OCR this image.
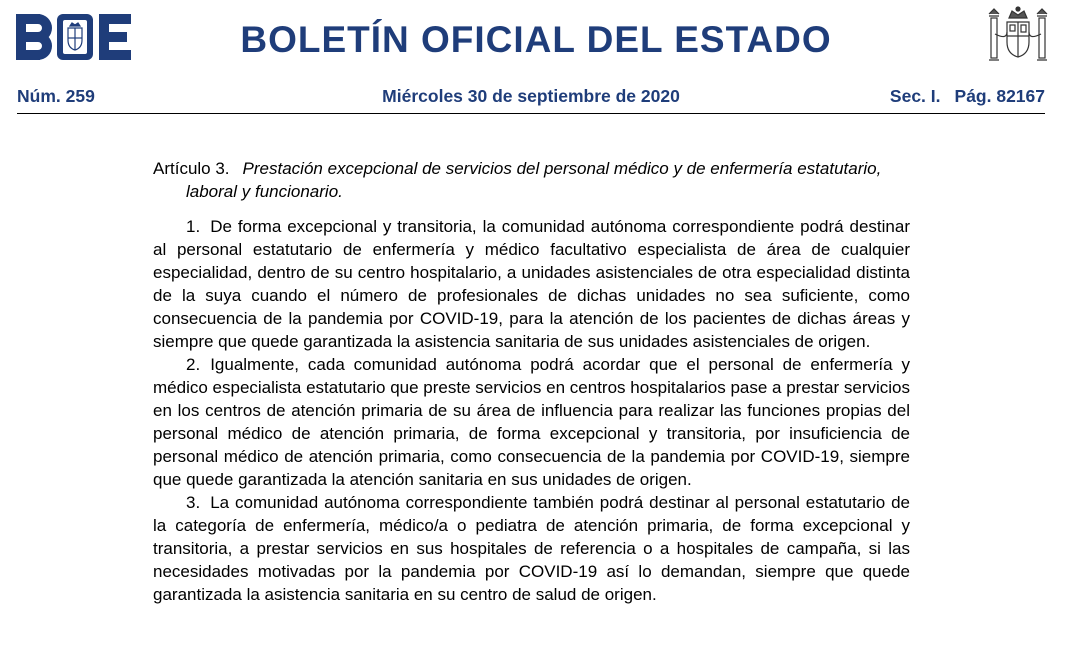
BOLETÍN OFICIAL DEL ESTADO
Núm. 259	Miércoles 30 de septiembre de 2020	Sec. I. Pág. 82167

Artículo 3. Prestación excepcional de servicios del personal médico y de enfermería estatutario, laboral y funcionario.

1. De forma excepcional y transitoria, la comunidad autónoma correspondiente podrá destinar al personal estatutario de enfermería y médico facultativo especialista de área de cualquier especialidad, dentro de su centro hospitalario, a unidades asistenciales de otra especialidad distinta de la suya cuando el número de profesionales de dichas unidades no sea suficiente, como consecuencia de la pandemia por COVID-19, para la atención de los pacientes de dichas áreas y siempre que quede garantizada la asistencia sanitaria de sus unidades asistenciales de origen.

2. Igualmente, cada comunidad autónoma podrá acordar que el personal de enfermería y médico especialista estatutario que preste servicios en centros hospitalarios pase a prestar servicios en los centros de atención primaria de su área de influencia para realizar las funciones propias del personal médico de atención primaria, de forma excepcional y transitoria, por insuficiencia de personal médico de atención primaria, como consecuencia de la pandemia por COVID-19, siempre que quede garantizada la atención sanitaria en sus unidades de origen.

3. La comunidad autónoma correspondiente también podrá destinar al personal estatutario de la categoría de enfermería, médico/a o pediatra de atención primaria, de forma excepcional y transitoria, a prestar servicios en sus hospitales de referencia o a hospitales de campaña, si las necesidades motivadas por la pandemia por COVID-19 así lo demandan, siempre que quede garantizada la asistencia sanitaria en su centro de salud de origen.
